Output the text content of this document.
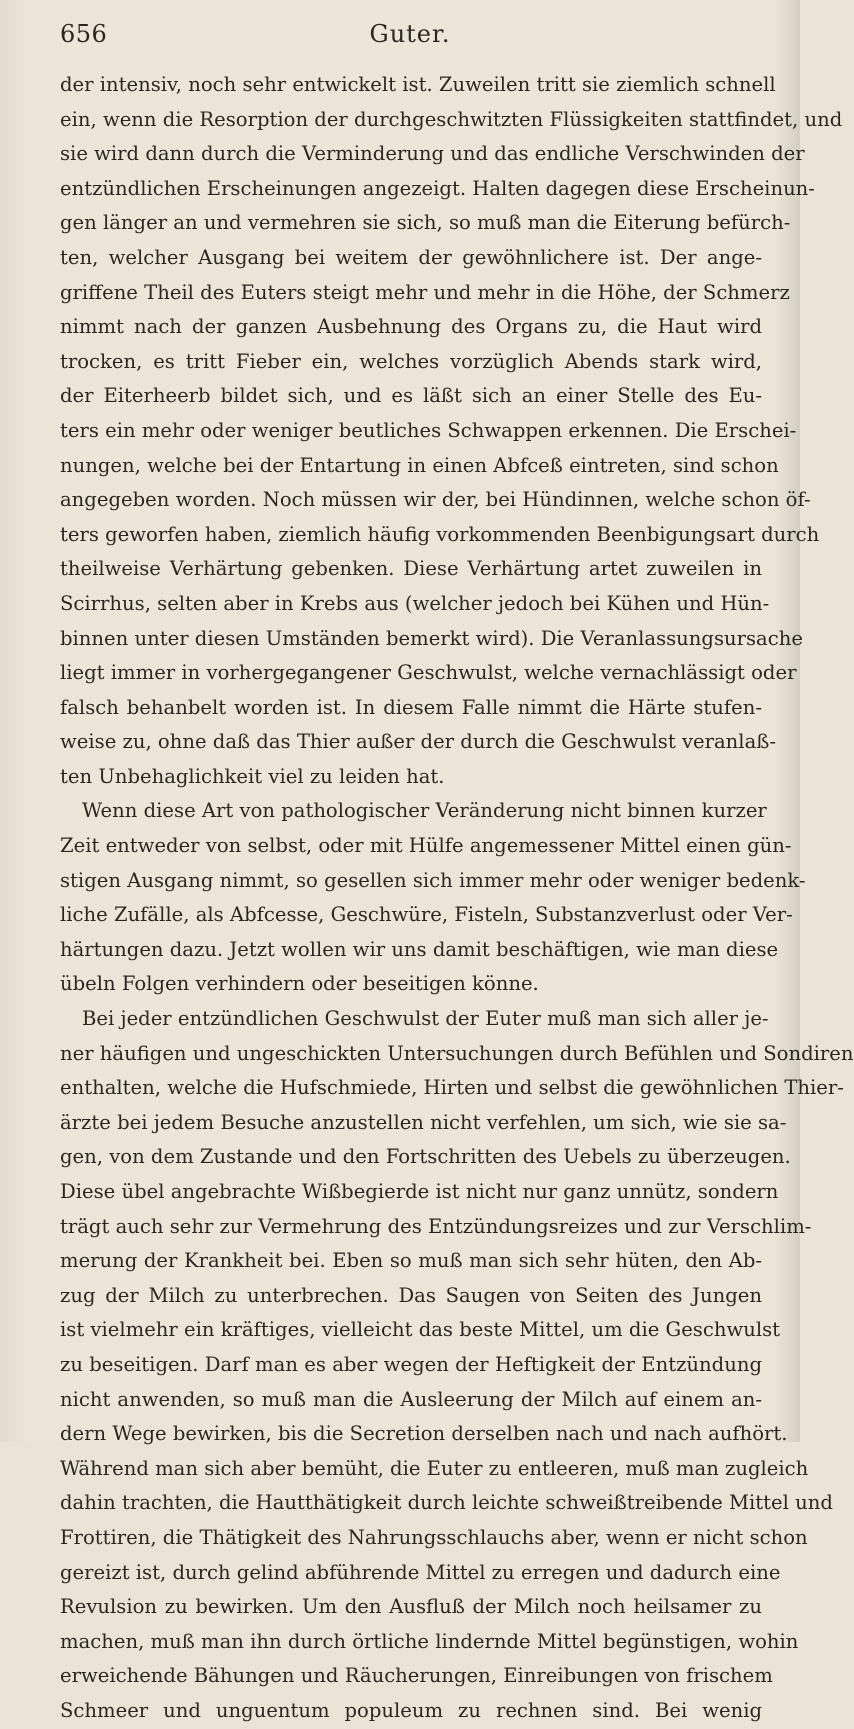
656	Guter.
der intensiv, noch sehr entwickelt ist. Zuweilen tritt sie ziemlich schnell
ein, wenn die Resorption der durchgeschwitzten Flüssigkeiten stattfindet, und
sie wird dann durch die Verminderung und das endliche Verschwinden der
entzündlichen Erscheinungen angezeigt. Halten dagegen diese Erscheinun-
gen länger an und vermehren sie sich, so muß man die Eiterung befürch-
ten, welcher Ausgang bei weitem der gewöhnlichere ist. Der ange-
griffene Theil des Euters steigt mehr und mehr in die Höhe, der Schmerz
nimmt nach der ganzen Ausbehnung des Organs zu, die Haut wird
trocken, es tritt Fieber ein, welches vorzüglich Abends stark wird,
der Eiterheerb bildet sich, und es läßt sich an einer Stelle des Eu-
ters ein mehr oder weniger beutliches Schwappen erkennen. Die Erschei-
nungen, welche bei der Entartung in einen Abfceß eintreten, sind schon
angegeben worden. Noch müssen wir der, bei Hündinnen, welche schon öf-
ters geworfen haben, ziemlich häufig vorkommenden Beenbigungsart durch
theilweise Verhärtung gebenken. Diese Verhärtung artet zuweilen in
Scirrhus, selten aber in Krebs aus (welcher jedoch bei Kühen und Hün-
binnen unter diesen Umständen bemerkt wird). Die Veranlassungsursache
liegt immer in vorhergegangener Geschwulst, welche vernachlässigt oder
falsch behanbelt worden ist. In diesem Falle nimmt die Härte stufen-
weise zu, ohne daß das Thier außer der durch die Geschwulst veranlaß-
ten Unbehaglichkeit viel zu leiden hat.
Wenn diese Art von pathologischer Veränderung nicht binnen kurzer
Zeit entweder von selbst, oder mit Hülfe angemessener Mittel einen gün-
stigen Ausgang nimmt, so gesellen sich immer mehr oder weniger bedenk-
liche Zufälle, als Abfcesse, Geschwüre, Fisteln, Substanzverlust oder Ver-
härtungen dazu. Jetzt wollen wir uns damit beschäftigen, wie man diese
übeln Folgen verhindern oder beseitigen könne.
Bei jeder entzündlichen Geschwulst der Euter muß man sich aller je-
ner häufigen und ungeschickten Untersuchungen durch Befühlen und Sondiren
enthalten, welche die Hufschmiede, Hirten und selbst die gewöhnlichen Thier-
ärzte bei jedem Besuche anzustellen nicht verfehlen, um sich, wie sie sa-
gen, von dem Zustande und den Fortschritten des Uebels zu überzeugen.
Diese übel angebrachte Wißbegierde ist nicht nur ganz unnütz, sondern
trägt auch sehr zur Vermehrung des Entzündungsreizes und zur Verschlim-
merung der Krankheit bei. Eben so muß man sich sehr hüten, den Ab-
zug der Milch zu unterbrechen. Das Saugen von Seiten des Jungen
ist vielmehr ein kräftiges, vielleicht das beste Mittel, um die Geschwulst
zu beseitigen. Darf man es aber wegen der Heftigkeit der Entzündung
nicht anwenden, so muß man die Ausleerung der Milch auf einem an-
dern Wege bewirken, bis die Secretion derselben nach und nach aufhört.
Während man sich aber bemüht, die Euter zu entleeren, muß man zugleich
dahin trachten, die Hautthätigkeit durch leichte schweißtreibende Mittel und
Frottiren, die Thätigkeit des Nahrungsschlauchs aber, wenn er nicht schon
gereizt ist, durch gelind abführende Mittel zu erregen und dadurch eine
Revulsion zu bewirken. Um den Ausfluß der Milch noch heilsamer zu
machen, muß man ihn durch örtliche lindernde Mittel begünstigen, wohin
erweichende Bähungen und Räucherungen, Einreibungen von frischem
Schmeer und unguentum populeum zu rechnen sind. Bei wenig
